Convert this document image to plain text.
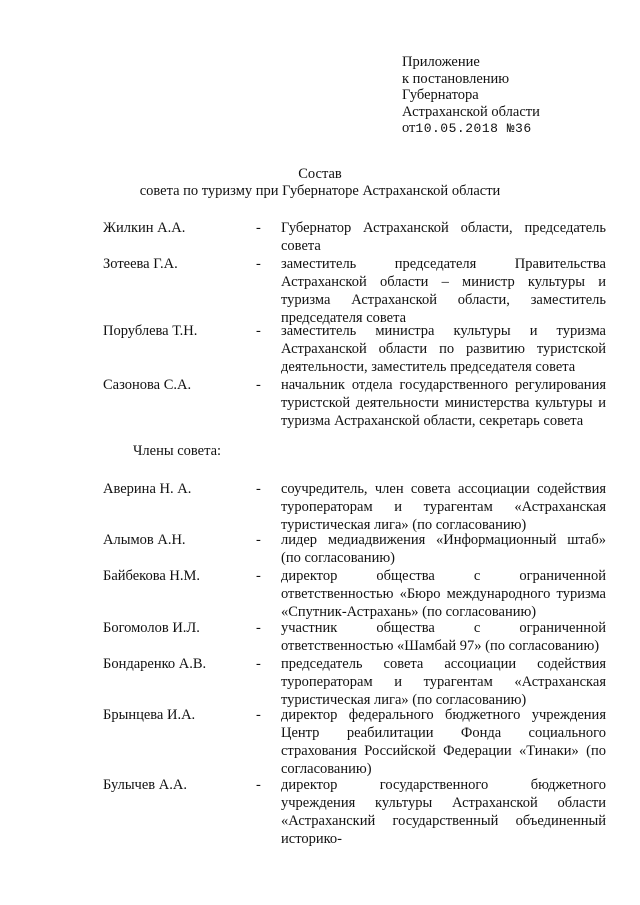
Приложение
к постановлению
Губернатора
Астраханской области
от10.05.2018 №36
Состав
совета по туризму при Губернаторе Астраханской области
Жилкин А.А.	- Губернатор Астраханской области, председатель совета
Зотеева Г.А.	- заместитель председателя Правительства Астраханской области – министр культуры и туризма Астраханской области, заместитель председателя совета
Порублева Т.Н.	- заместитель министра культуры и туризма Астраханской области по развитию туристской деятельности, заместитель председателя совета
Сазонова С.А.	- начальник отдела государственного регулирования туристской деятельности министерства культуры и туризма Астраханской области, секретарь совета
Члены совета:
Аверина Н. А.	- соучредитель, член совета ассоциации содействия туроператорам и турагентам «Астраханская туристическая лига» (по согласованию)
Алымов А.Н.	- лидер медиадвижения «Информационный штаб» (по согласованию)
Байбекова Н.М.	- директор общества с ограниченной ответственностью «Бюро международного туризма «Спутник-Астрахань» (по согласованию)
Богомолов И.Л.	- участник общества с ограниченной ответственностью «Шамбай 97» (по согласованию)
Бондаренко А.В.	- председатель совета ассоциации содействия туроператорам и турагентам «Астраханская туристическая лига» (по согласованию)
Брынцева И.А.	- директор федерального бюджетного учреждения Центр реабилитации Фонда социального страхования Российской Федерации «Тинаки» (по согласованию)
Булычев А.А.	- директор государственного бюджетного учреждения культуры Астраханской области «Астраханский государственный объединенный историко-
